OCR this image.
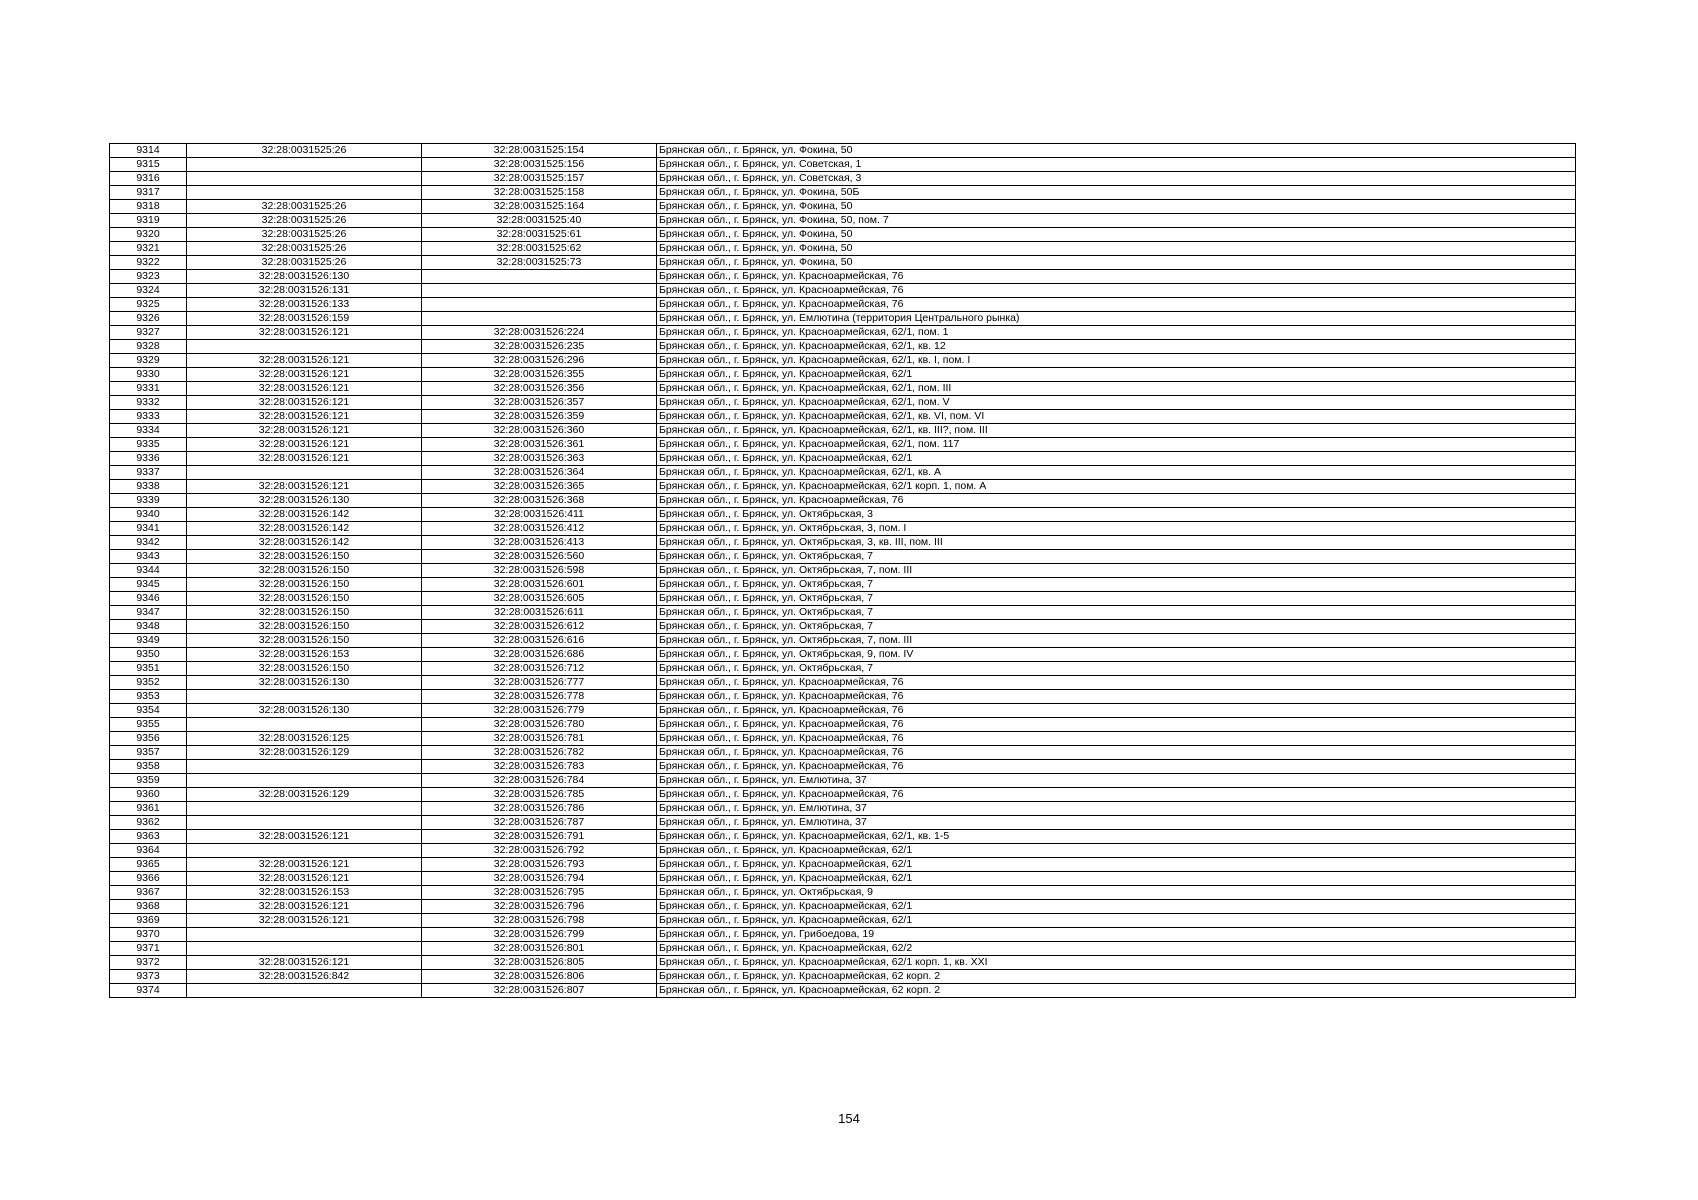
9314	32:28:0031525:26	32:28:0031525:154	Брянская обл., г. Брянск, ул. Фокина, 50
9315		32:28:0031525:156	Брянская обл., г. Брянск, ул. Советская, 1
9316		32:28:0031525:157	Брянская обл., г. Брянск, ул. Советская, 3
9317		32:28:0031525:158	Брянская обл., г. Брянск, ул. Фокина, 50Б
9318	32:28:0031525:26	32:28:0031525:164	Брянская обл., г. Брянск, ул. Фокина, 50
9319	32:28:0031525:26	32:28:0031525:40	Брянская обл., г. Брянск, ул. Фокина, 50, пом. 7
9320	32:28:0031525:26	32:28:0031525:61	Брянская обл., г. Брянск, ул. Фокина, 50
9321	32:28:0031525:26	32:28:0031525:62	Брянская обл., г. Брянск, ул. Фокина, 50
9322	32:28:0031525:26	32:28:0031525:73	Брянская обл., г. Брянск, ул. Фокина, 50
9323	32:28:0031526:130		Брянская обл., г. Брянск, ул. Красноармейская, 76
9324	32:28:0031526:131		Брянская обл., г. Брянск, ул. Красноармейская, 76
9325	32:28:0031526:133		Брянская обл., г. Брянск, ул. Красноармейская, 76
9326	32:28:0031526:159		Брянская обл., г. Брянск, ул. Емлютина (территория Центрального рынка)
9327	32:28:0031526:121	32:28:0031526:224	Брянская обл., г. Брянск, ул. Красноармейская, 62/1, пом. 1
9328		32:28:0031526:235	Брянская обл., г. Брянск, ул. Красноармейская, 62/1, кв. 12
9329	32:28:0031526:121	32:28:0031526:296	Брянская обл., г. Брянск, ул. Красноармейская, 62/1, кв. I, пом. I
9330	32:28:0031526:121	32:28:0031526:355	Брянская обл., г. Брянск, ул. Красноармейская, 62/1
9331	32:28:0031526:121	32:28:0031526:356	Брянская обл., г. Брянск, ул. Красноармейская, 62/1, пом. III
9332	32:28:0031526:121	32:28:0031526:357	Брянская обл., г. Брянск, ул. Красноармейская, 62/1, пом. V
9333	32:28:0031526:121	32:28:0031526:359	Брянская обл., г. Брянск, ул. Красноармейская, 62/1, кв. VI, пом. VI
9334	32:28:0031526:121	32:28:0031526:360	Брянская обл., г. Брянск, ул. Красноармейская, 62/1, кв. III?, пом. III
9335	32:28:0031526:121	32:28:0031526:361	Брянская обл., г. Брянск, ул. Красноармейская, 62/1, пом. 117
9336	32:28:0031526:121	32:28:0031526:363	Брянская обл., г. Брянск, ул. Красноармейская, 62/1
9337		32:28:0031526:364	Брянская обл., г. Брянск, ул. Красноармейская, 62/1, кв. А
9338	32:28:0031526:121	32:28:0031526:365	Брянская обл., г. Брянск, ул. Красноармейская, 62/1 корп. 1, пом. А
9339	32:28:0031526:130	32:28:0031526:368	Брянская обл., г. Брянск, ул. Красноармейская, 76
9340	32:28:0031526:142	32:28:0031526:411	Брянская обл., г. Брянск, ул. Октябрьская, 3
9341	32:28:0031526:142	32:28:0031526:412	Брянская обл., г. Брянск, ул. Октябрьская, 3, пом. I
9342	32:28:0031526:142	32:28:0031526:413	Брянская обл., г. Брянск, ул. Октябрьская, 3, кв. III, пом. III
9343	32:28:0031526:150	32:28:0031526:560	Брянская обл., г. Брянск, ул. Октябрьская, 7
9344	32:28:0031526:150	32:28:0031526:598	Брянская обл., г. Брянск, ул. Октябрьская, 7, пом. III
9345	32:28:0031526:150	32:28:0031526:601	Брянская обл., г. Брянск, ул. Октябрьская, 7
9346	32:28:0031526:150	32:28:0031526:605	Брянская обл., г. Брянск, ул. Октябрьская, 7
9347	32:28:0031526:150	32:28:0031526:611	Брянская обл., г. Брянск, ул. Октябрьская, 7
9348	32:28:0031526:150	32:28:0031526:612	Брянская обл., г. Брянск, ул. Октябрьская, 7
9349	32:28:0031526:150	32:28:0031526:616	Брянская обл., г. Брянск, ул. Октябрьская, 7, пом. III
9350	32:28:0031526:153	32:28:0031526:686	Брянская обл., г. Брянск, ул. Октябрьская, 9, пом. IV
9351	32:28:0031526:150	32:28:0031526:712	Брянская обл., г. Брянск, ул. Октябрьская, 7
9352	32:28:0031526:130	32:28:0031526:777	Брянская обл., г. Брянск, ул. Красноармейская, 76
9353		32:28:0031526:778	Брянская обл., г. Брянск, ул. Красноармейская, 76
9354	32:28:0031526:130	32:28:0031526:779	Брянская обл., г. Брянск, ул. Красноармейская, 76
9355		32:28:0031526:780	Брянская обл., г. Брянск, ул. Красноармейская, 76
9356	32:28:0031526:125	32:28:0031526:781	Брянская обл., г. Брянск, ул. Красноармейская, 76
9357	32:28:0031526:129	32:28:0031526:782	Брянская обл., г. Брянск, ул. Красноармейская, 76
9358		32:28:0031526:783	Брянская обл., г. Брянск, ул. Красноармейская, 76
9359		32:28:0031526:784	Брянская обл., г. Брянск, ул. Емлютина, 37
9360	32:28:0031526:129	32:28:0031526:785	Брянская обл., г. Брянск, ул. Красноармейская, 76
9361		32:28:0031526:786	Брянская обл., г. Брянск, ул. Емлютина, 37
9362		32:28:0031526:787	Брянская обл., г. Брянск, ул. Емлютина, 37
9363	32:28:0031526:121	32:28:0031526:791	Брянская обл., г. Брянск, ул. Красноармейская, 62/1, кв. 1-5
9364		32:28:0031526:792	Брянская обл., г. Брянск, ул. Красноармейская, 62/1
9365	32:28:0031526:121	32:28:0031526:793	Брянская обл., г. Брянск, ул. Красноармейская, 62/1
9366	32:28:0031526:121	32:28:0031526:794	Брянская обл., г. Брянск, ул. Красноармейская, 62/1
9367	32:28:0031526:153	32:28:0031526:795	Брянская обл., г. Брянск, ул. Октябрьская, 9
9368	32:28:0031526:121	32:28:0031526:796	Брянская обл., г. Брянск, ул. Красноармейская, 62/1
9369	32:28:0031526:121	32:28:0031526:798	Брянская обл., г. Брянск, ул. Красноармейская, 62/1
9370		32:28:0031526:799	Брянская обл., г. Брянск, ул. Грибоедова, 19
9371		32:28:0031526:801	Брянская обл., г. Брянск, ул. Красноармейская, 62/2
9372	32:28:0031526:121	32:28:0031526:805	Брянская обл., г. Брянск, ул. Красноармейская, 62/1 корп. 1, кв. XXI
9373	32:28:0031526:842	32:28:0031526:806	Брянская обл., г. Брянск, ул. Красноармейская, 62 корп. 2
9374		32:28:0031526:807	Брянская обл., г. Брянск, ул. Красноармейская, 62 корп. 2
154
